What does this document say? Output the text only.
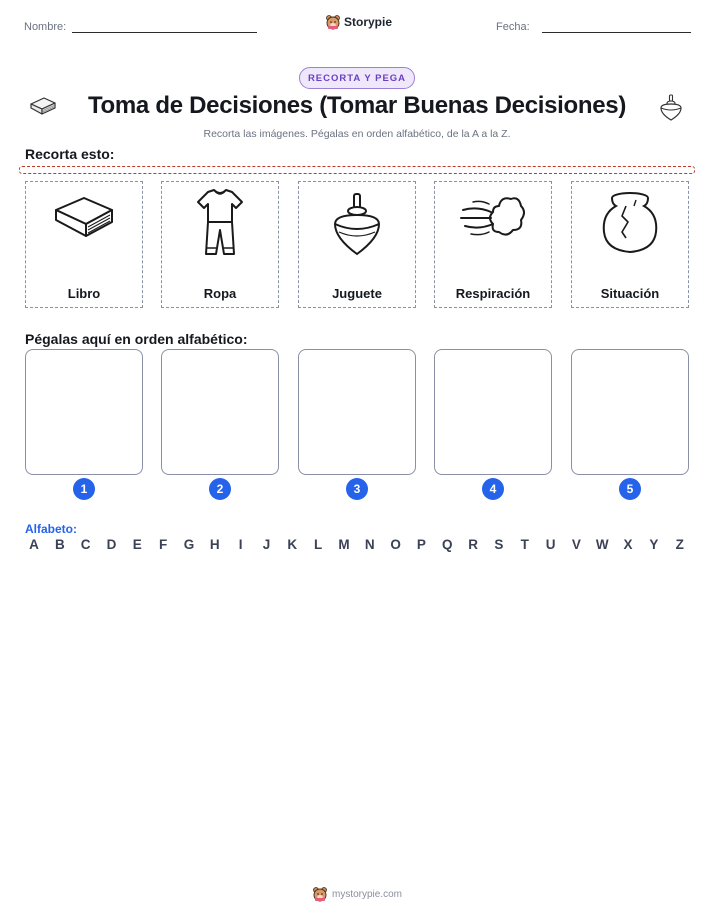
Nombre:	Storypie	Fecha:
RECORTA Y PEGA
Toma de Decisiones (Tomar Buenas Decisiones)
Recorta las imágenes. Pégalas en orden alfabético, de la A a la Z.
Recorta esto:
Libro	Ropa	Juguete	Respiración	Situación
Pégalas aquí en orden alfabético:
1	2	3	4	5
Alfabeto:
A	B	C	D	E	F	G	H	I	J	K	L	M	N	O	P	Q	R	S	T	U	V	W	X	Y	Z
mystorypie.com
